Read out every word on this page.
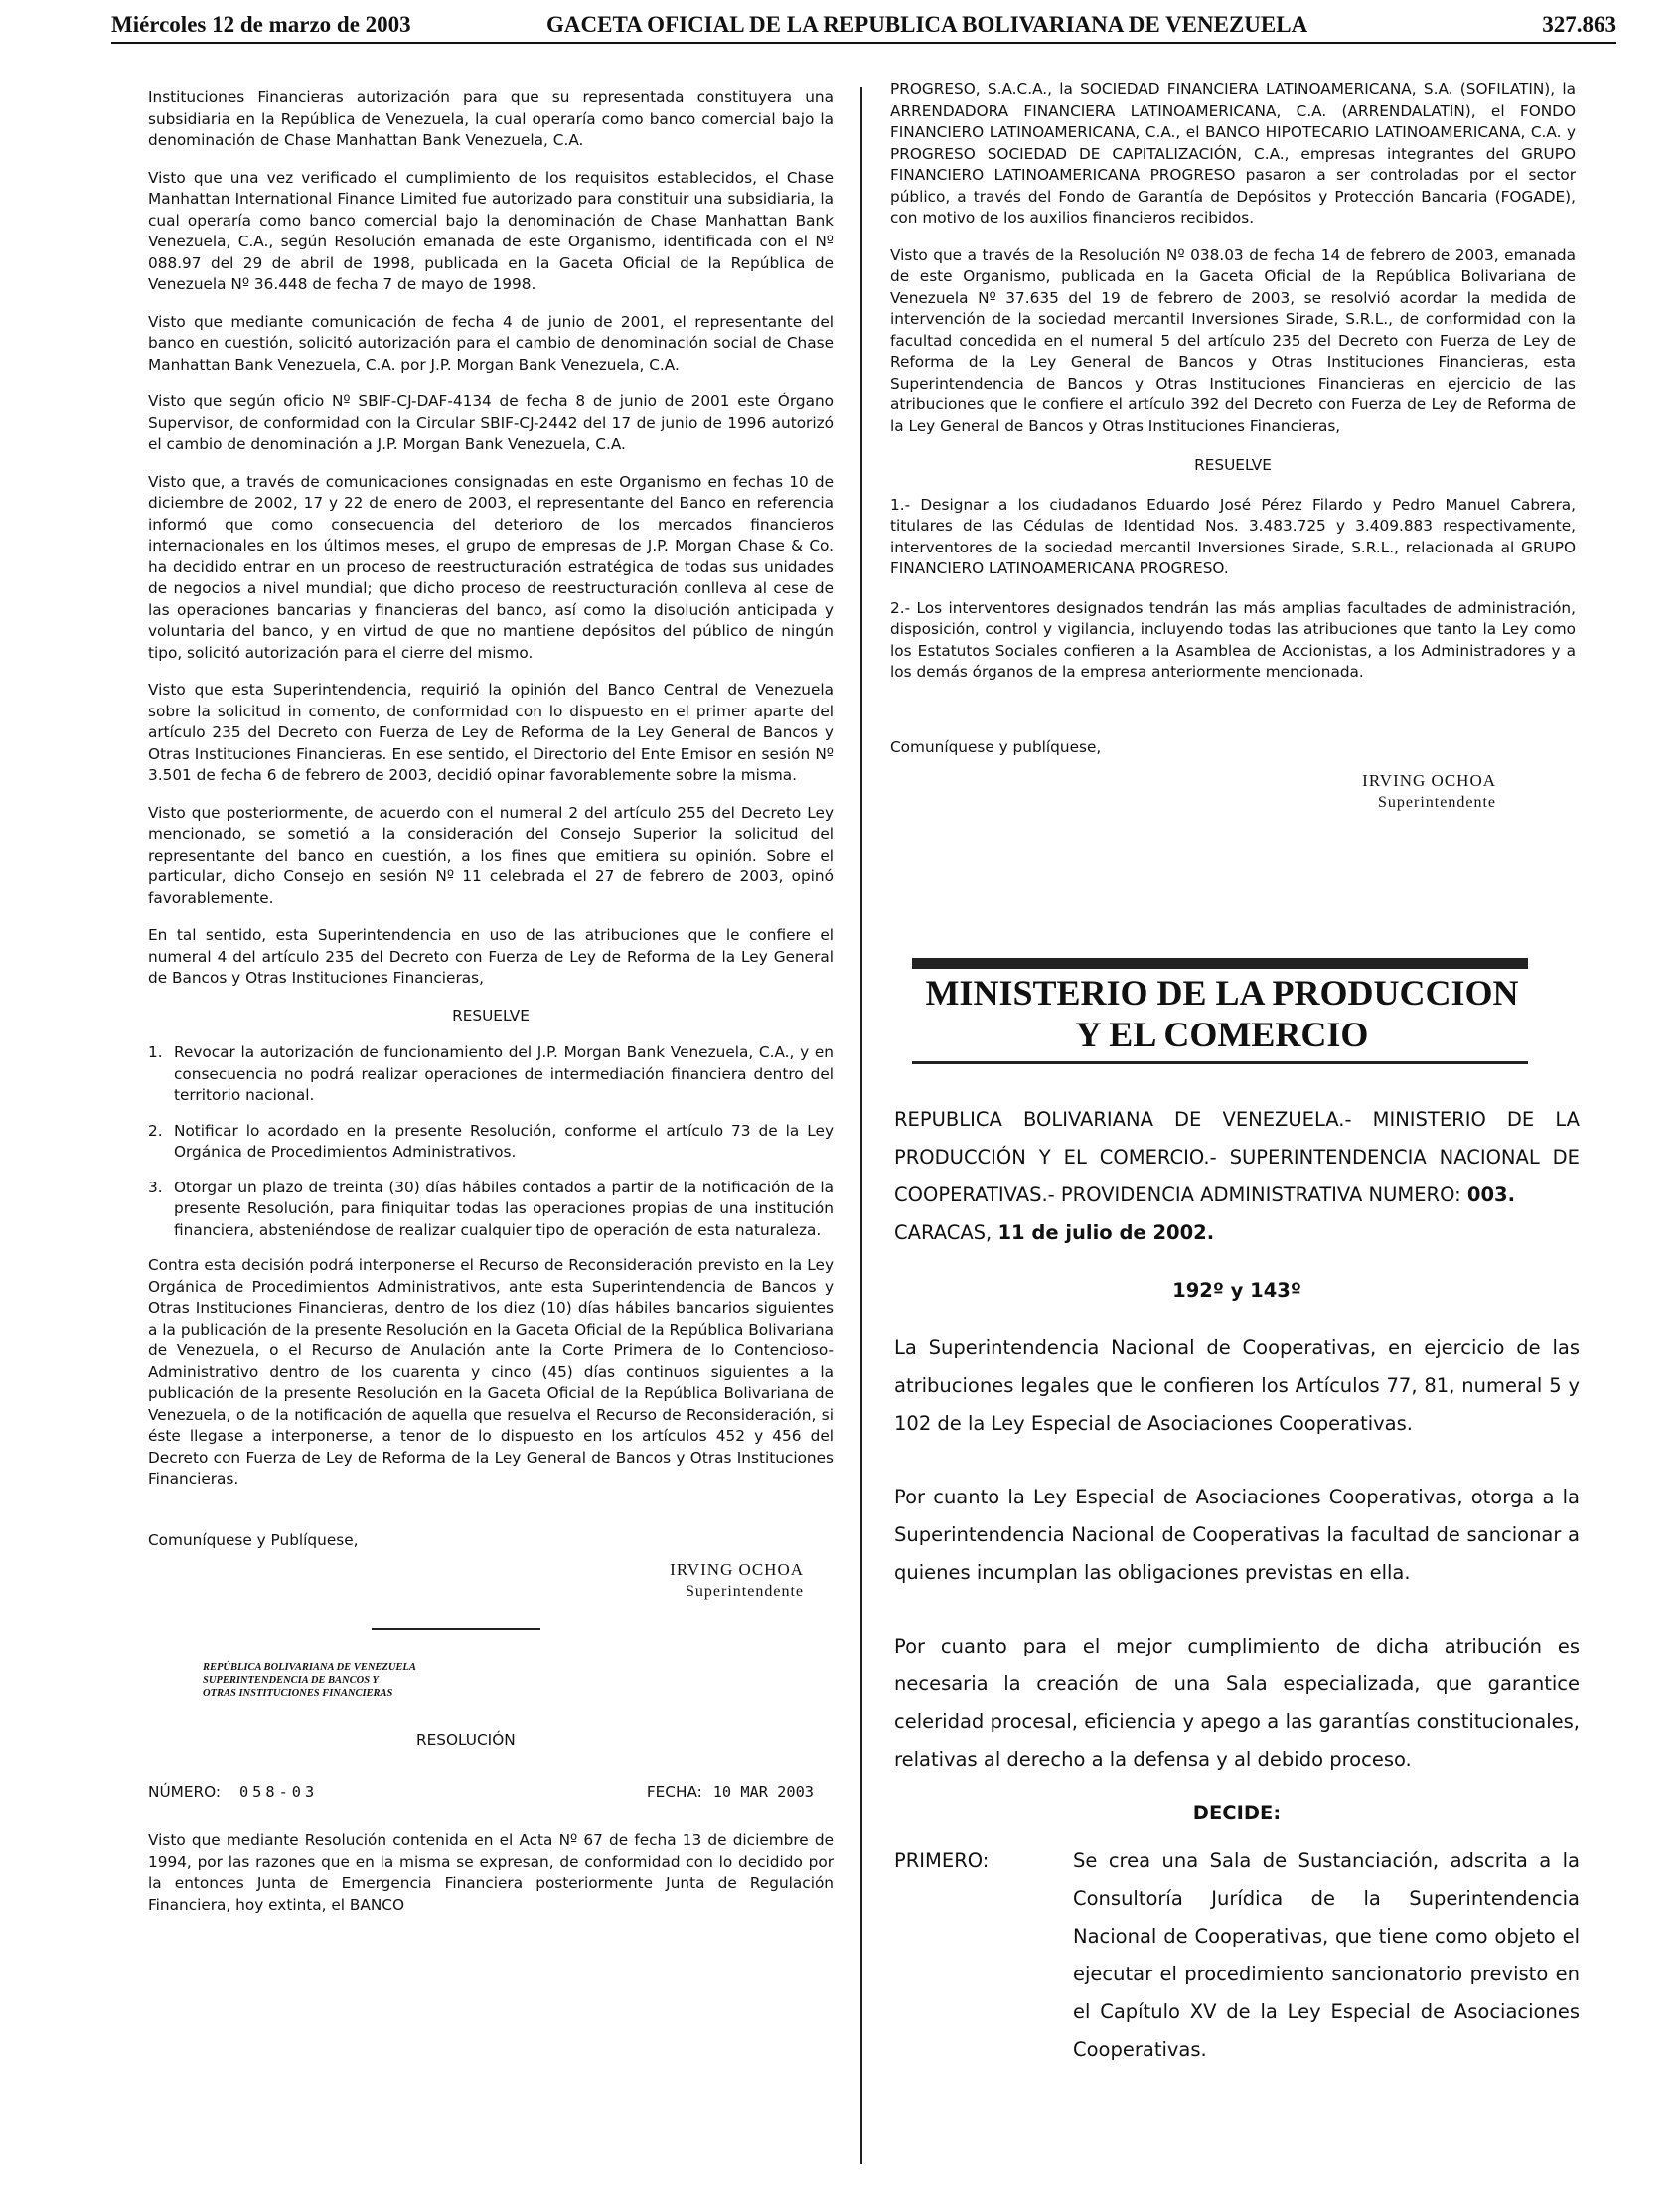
Miércoles 12 de marzo de 2003	GACETA OFICIAL DE LA REPUBLICA BOLIVARIANA DE VENEZUELA	327.863

Instituciones Financieras autorización para que su representada constituyera una subsidiaria en la República de Venezuela, la cual operaría como banco comercial bajo la denominación de Chase Manhattan Bank Venezuela, C.A.

Visto que una vez verificado el cumplimiento de los requisitos establecidos, el Chase Manhattan International Finance Limited fue autorizado para constituir una subsidiaria, la cual operaría como banco comercial bajo la denominación de Chase Manhattan Bank Venezuela, C.A., según Resolución emanada de este Organismo, identificada con el Nº 088.97 del 29 de abril de 1998, publicada en la Gaceta Oficial de la República de Venezuela Nº 36.448 de fecha 7 de mayo de 1998.

Visto que mediante comunicación de fecha 4 de junio de 2001, el representante del banco en cuestión, solicitó autorización para el cambio de denominación social de Chase Manhattan Bank Venezuela, C.A. por J.P. Morgan Bank Venezuela, C.A.

Visto que según oficio Nº SBIF-CJ-DAF-4134 de fecha 8 de junio de 2001 este Órgano Supervisor, de conformidad con la Circular SBIF-CJ-2442 del 17 de junio de 1996 autorizó el cambio de denominación a J.P. Morgan Bank Venezuela, C.A.

Visto que, a través de comunicaciones consignadas en este Organismo en fechas 10 de diciembre de 2002, 17 y 22 de enero de 2003, el representante del Banco en referencia informó que como consecuencia del deterioro de los mercados financieros internacionales en los últimos meses, el grupo de empresas de J.P. Morgan Chase & Co. ha decidido entrar en un proceso de reestructuración estratégica de todas sus unidades de negocios a nivel mundial; que dicho proceso de reestructuración conlleva al cese de las operaciones bancarias y financieras del banco, así como la disolución anticipada y voluntaria del banco, y en virtud de que no mantiene depósitos del público de ningún tipo, solicitó autorización para el cierre del mismo.

Visto que esta Superintendencia, requirió la opinión del Banco Central de Venezuela sobre la solicitud in comento, de conformidad con lo dispuesto en el primer aparte del artículo 235 del Decreto con Fuerza de Ley de Reforma de la Ley General de Bancos y Otras Instituciones Financieras. En ese sentido, el Directorio del Ente Emisor en sesión Nº 3.501 de fecha 6 de febrero de 2003, decidió opinar favorablemente sobre la misma.

Visto que posteriormente, de acuerdo con el numeral 2 del artículo 255 del Decreto Ley mencionado, se sometió a la consideración del Consejo Superior la solicitud del representante del banco en cuestión, a los fines que emitiera su opinión. Sobre el particular, dicho Consejo en sesión Nº 11 celebrada el 27 de febrero de 2003, opinó favorablemente.

En tal sentido, esta Superintendencia en uso de las atribuciones que le confiere el numeral 4 del artículo 235 del Decreto con Fuerza de Ley de Reforma de la Ley General de Bancos y Otras Instituciones Financieras,

RESUELVE

1. Revocar la autorización de funcionamiento del J.P. Morgan Bank Venezuela, C.A., y en consecuencia no podrá realizar operaciones de intermediación financiera dentro del territorio nacional.
2. Notificar lo acordado en la presente Resolución, conforme el artículo 73 de la Ley Orgánica de Procedimientos Administrativos.
3. Otorgar un plazo de treinta (30) días hábiles contados a partir de la notificación de la presente Resolución, para finiquitar todas las operaciones propias de una institución financiera, absteniéndose de realizar cualquier tipo de operación de esta naturaleza.

Contra esta decisión podrá interponerse el Recurso de Reconsideración previsto en la Ley Orgánica de Procedimientos Administrativos, ante esta Superintendencia de Bancos y Otras Instituciones Financieras, dentro de los diez (10) días hábiles bancarios siguientes a la publicación de la presente Resolución en la Gaceta Oficial de la República Bolivariana de Venezuela, o el Recurso de Anulación ante la Corte Primera de lo Contencioso-Administrativo dentro de los cuarenta y cinco (45) días continuos siguientes a la publicación de la presente Resolución en la Gaceta Oficial de la República Bolivariana de Venezuela, o de la notificación de aquella que resuelva el Recurso de Reconsideración, si éste llegase a interponerse, a tenor de lo dispuesto en los artículos 452 y 456 del Decreto con Fuerza de Ley de Reforma de la Ley General de Bancos y Otras Instituciones Financieras.

Comuníquese y Publíquese,

IRVING OCHOA
Superintendente
REPÚBLICA BOLIVARIANA DE VENEZUELA
SUPERINTENDENCIA DE BANCOS Y
OTRAS INSTITUCIONES FINANCIERAS

RESOLUCIÓN

NÚMERO: 058-03	FECHA: 10 MAR 2003

Visto que mediante Resolución contenida en el Acta Nº 67 de fecha 13 de diciembre de 1994, por las razones que en la misma se expresan, de conformidad con lo decidido por la entonces Junta de Emergencia Financiera posteriormente Junta de Regulación Financiera, hoy extinta, el BANCO

PROGRESO, S.A.C.A., la SOCIEDAD FINANCIERA LATINOAMERICANA, S.A. (SOFILATIN), la ARRENDADORA FINANCIERA LATINOAMERICANA, C.A. (ARRENDALATIN), el FONDO FINANCIERO LATINOAMERICANA, C.A., el BANCO HIPOTECARIO LATINOAMERICANA, C.A. y PROGRESO SOCIEDAD DE CAPITALIZACIÓN, C.A., empresas integrantes del GRUPO FINANCIERO LATINOAMERICANA PROGRESO pasaron a ser controladas por el sector público, a través del Fondo de Garantía de Depósitos y Protección Bancaria (FOGADE), con motivo de los auxilios financieros recibidos.

Visto que a través de la Resolución Nº 038.03 de fecha 14 de febrero de 2003, emanada de este Organismo, publicada en la Gaceta Oficial de la República Bolivariana de Venezuela Nº 37.635 del 19 de febrero de 2003, se resolvió acordar la medida de intervención de la sociedad mercantil Inversiones Sirade, S.R.L., de conformidad con la facultad concedida en el numeral 5 del artículo 235 del Decreto con Fuerza de Ley de Reforma de la Ley General de Bancos y Otras Instituciones Financieras, esta Superintendencia de Bancos y Otras Instituciones Financieras en ejercicio de las atribuciones que le confiere el artículo 392 del Decreto con Fuerza de Ley de Reforma de la Ley General de Bancos y Otras Instituciones Financieras,

RESUELVE

1.- Designar a los ciudadanos Eduardo José Pérez Filardo y Pedro Manuel Cabrera, titulares de las Cédulas de Identidad Nos. 3.483.725 y 3.409.883 respectivamente, interventores de la sociedad mercantil Inversiones Sirade, S.R.L., relacionada al GRUPO FINANCIERO LATINOAMERICANA PROGRESO.

2.- Los interventores designados tendrán las más amplias facultades de administración, disposición, control y vigilancia, incluyendo todas las atribuciones que tanto la Ley como los Estatutos Sociales confieren a la Asamblea de Accionistas, a los Administradores y a los demás órganos de la empresa anteriormente mencionada.

Comuníquese y publíquese,

IRVING OCHOA
Superintendente
MINISTERIO DE LA PRODUCCION
Y EL COMERCIO

REPUBLICA BOLIVARIANA DE VENEZUELA.- MINISTERIO DE LA PRODUCCIÓN Y EL COMERCIO.- SUPERINTENDENCIA NACIONAL DE COOPERATIVAS.- PROVIDENCIA ADMINISTRATIVA NUMERO: 003.

CARACAS, 11 de julio de 2002.

192º y 143º

La Superintendencia Nacional de Cooperativas, en ejercicio de las atribuciones legales que le confieren los Artículos 77, 81, numeral 5 y 102 de la Ley Especial de Asociaciones Cooperativas.

Por cuanto la Ley Especial de Asociaciones Cooperativas, otorga a la Superintendencia Nacional de Cooperativas la facultad de sancionar a quienes incumplan las obligaciones previstas en ella.

Por cuanto para el mejor cumplimiento de dicha atribución es necesaria la creación de una Sala especializada, que garantice celeridad procesal, eficiencia y apego a las garantías constitucionales, relativas al derecho a la defensa y al debido proceso.

DECIDE:

PRIMERO:	Se crea una Sala de Sustanciación, adscrita a la Consultoría Jurídica de la Superintendencia Nacional de Cooperativas, que tiene como objeto el ejecutar el procedimiento sancionatorio previsto en el Capítulo XV de la Ley Especial de Asociaciones Cooperativas.
